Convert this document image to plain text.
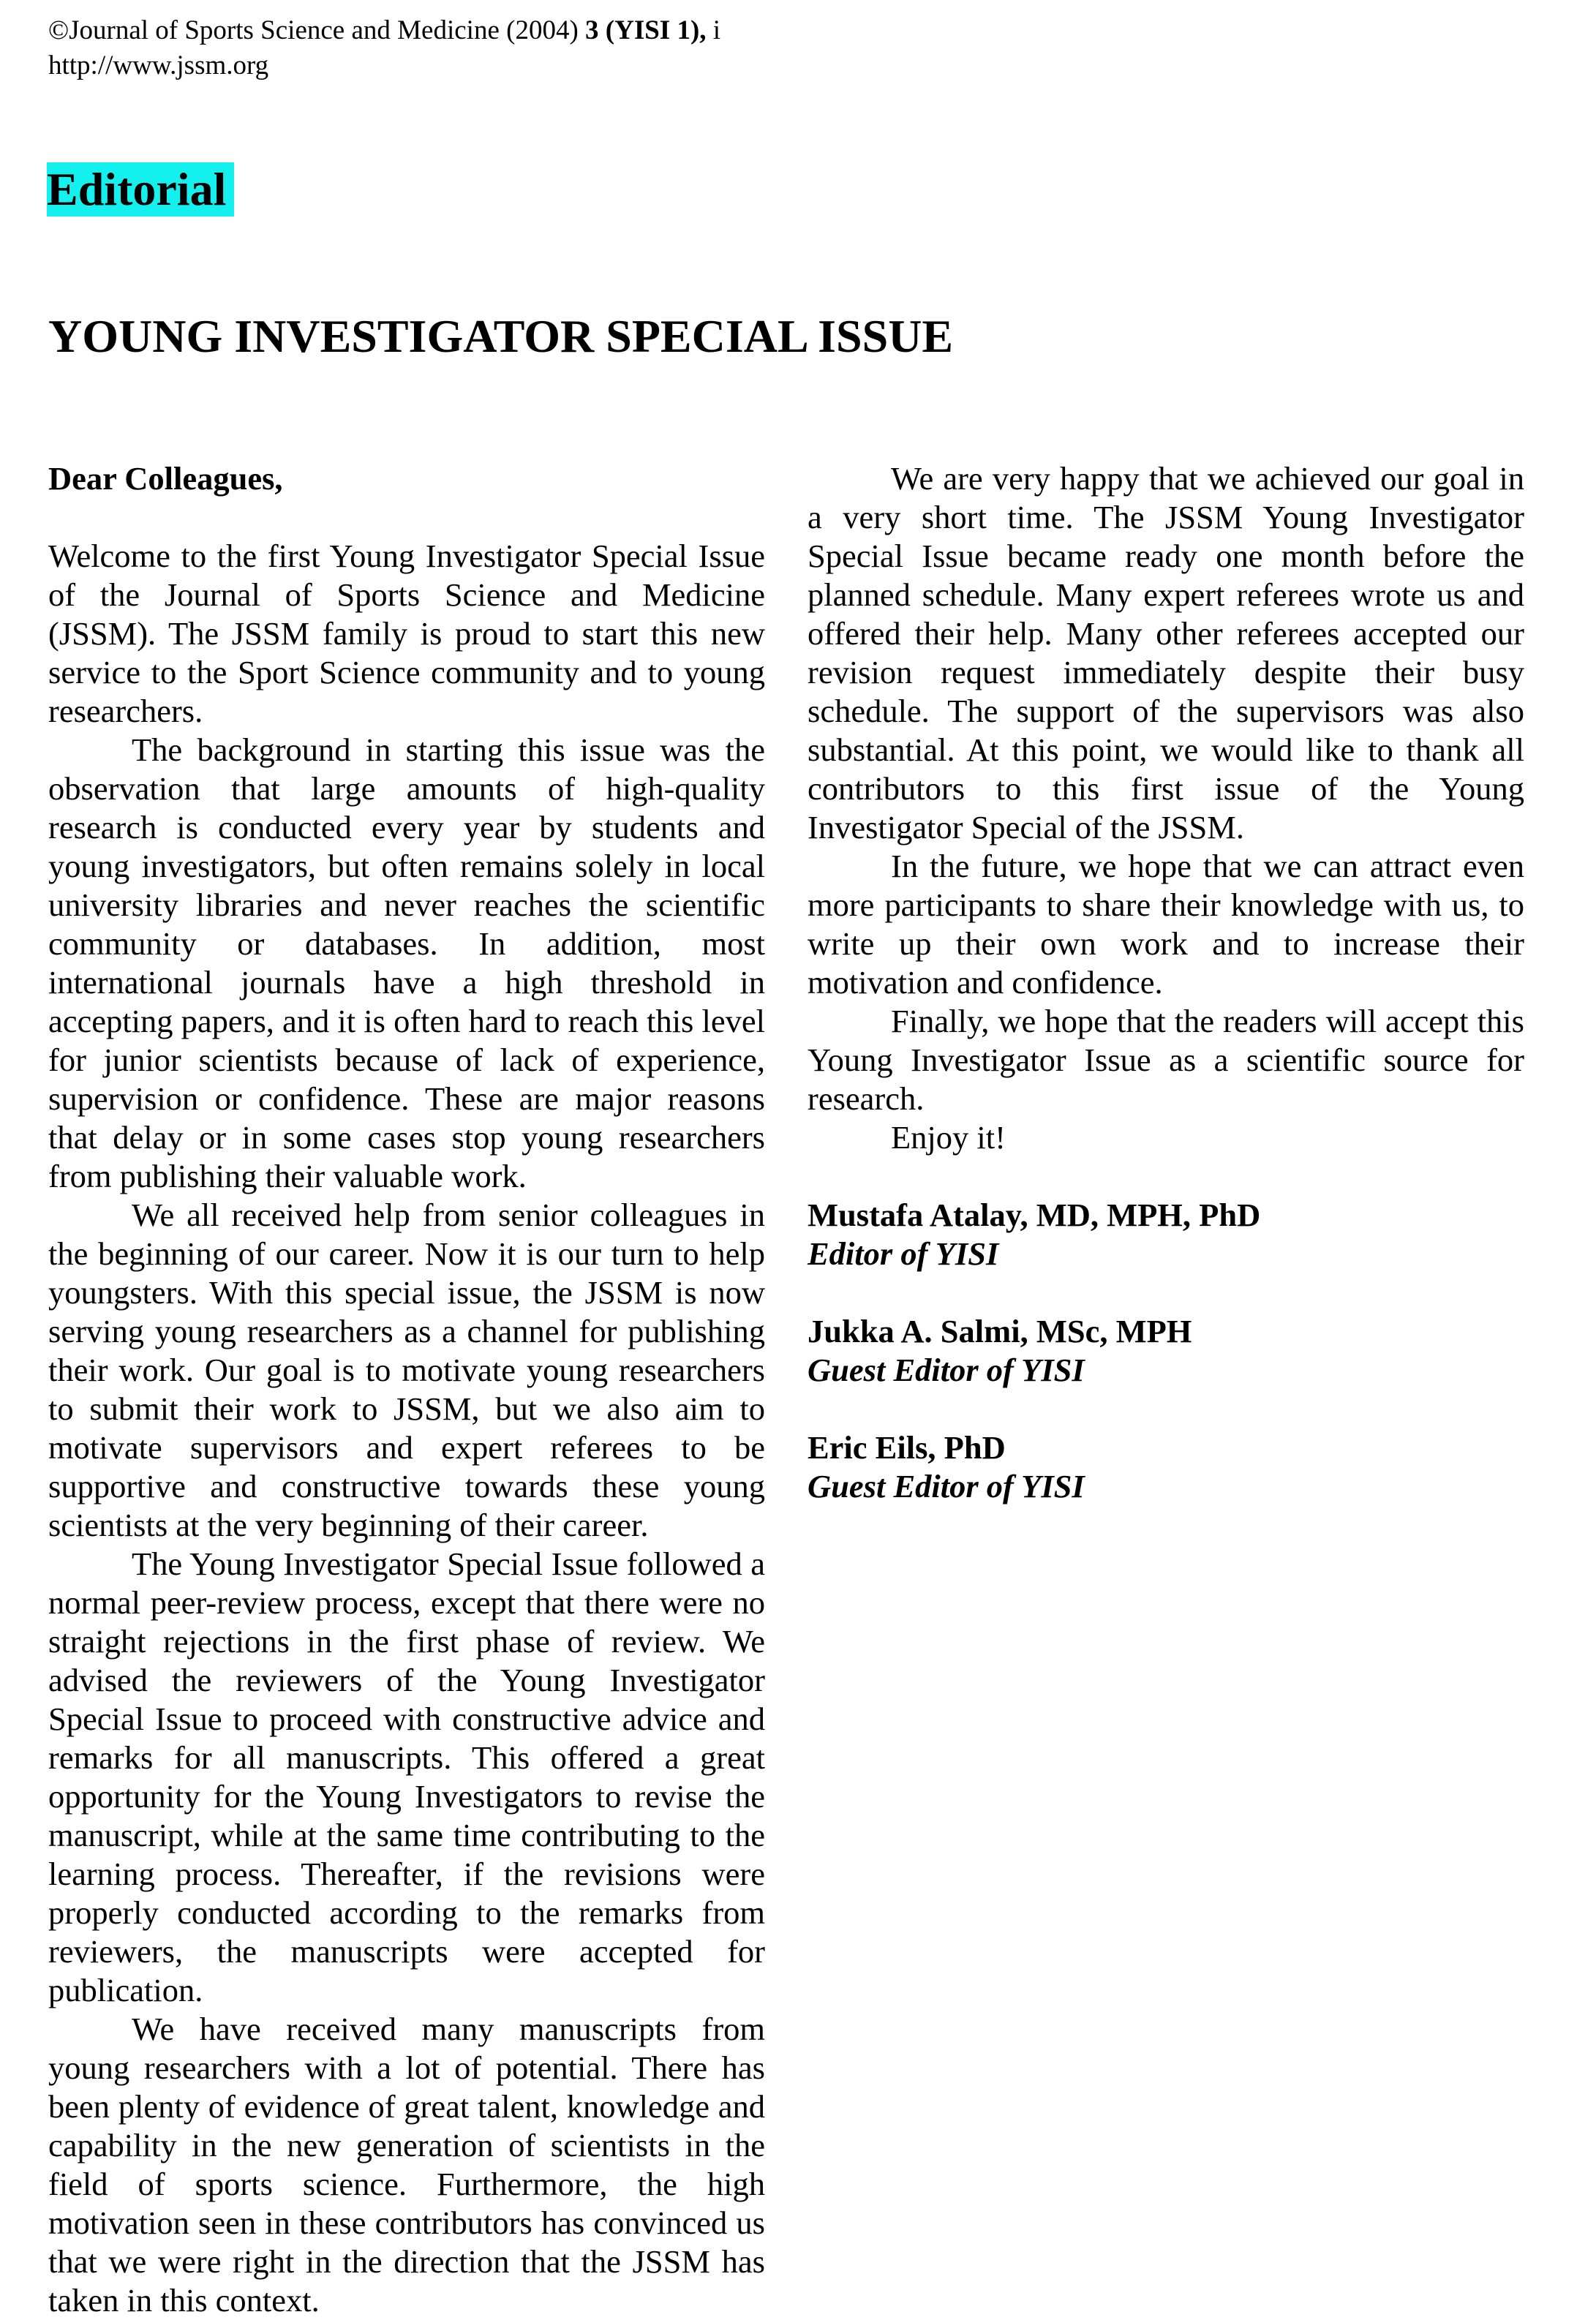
©Journal of Sports Science and Medicine (2004) 3 (YISI 1), i
http://www.jssm.org
Editorial
YOUNG INVESTIGATOR SPECIAL ISSUE

Dear Colleagues,

Welcome to the first Young Investigator Special Issue of the Journal of Sports Science and Medicine (JSSM). The JSSM family is proud to start this new service to the Sport Science community and to young researchers.

The background in starting this issue was the observation that large amounts of high-quality research is conducted every year by students and young investigators, but often remains solely in local university libraries and never reaches the scientific community or databases. In addition, most international journals have a high threshold in accepting papers, and it is often hard to reach this level for junior scientists because of lack of experience, supervision or confidence. These are major reasons that delay or in some cases stop young researchers from publishing their valuable work.

We all received help from senior colleagues in the beginning of our career. Now it is our turn to help youngsters. With this special issue, the JSSM is now serving young researchers as a channel for publishing their work. Our goal is to motivate young researchers to submit their work to JSSM, but we also aim to motivate supervisors and expert referees to be supportive and constructive towards these young scientists at the very beginning of their career.

The Young Investigator Special Issue followed a normal peer-review process, except that there were no straight rejections in the first phase of review. We advised the reviewers of the Young Investigator Special Issue to proceed with constructive advice and remarks for all manuscripts. This offered a great opportunity for the Young Investigators to revise the manuscript, while at the same time contributing to the learning process. Thereafter, if the revisions were properly conducted according to the remarks from reviewers, the manuscripts were accepted for publication.

We have received many manuscripts from young researchers with a lot of potential. There has been plenty of evidence of great talent, knowledge and capability in the new generation of scientists in the field of sports science. Furthermore, the high motivation seen in these contributors has convinced us that we were right in the direction that the JSSM has taken in this context.

We are very happy that we achieved our goal in a very short time. The JSSM Young Investigator Special Issue became ready one month before the planned schedule. Many expert referees wrote us and offered their help. Many other referees accepted our revision request immediately despite their busy schedule. The support of the supervisors was also substantial. At this point, we would like to thank all contributors to this first issue of the Young Investigator Special of the JSSM.

In the future, we hope that we can attract even more participants to share their knowledge with us, to write up their own work and to increase their motivation and confidence.

Finally, we hope that the readers will accept this Young Investigator Issue as a scientific source for research.

Enjoy it!

Mustafa Atalay, MD, MPH, PhD
Editor of YISI

Jukka A. Salmi, MSc, MPH
Guest Editor of YISI

Eric Eils, PhD
Guest Editor of YISI
